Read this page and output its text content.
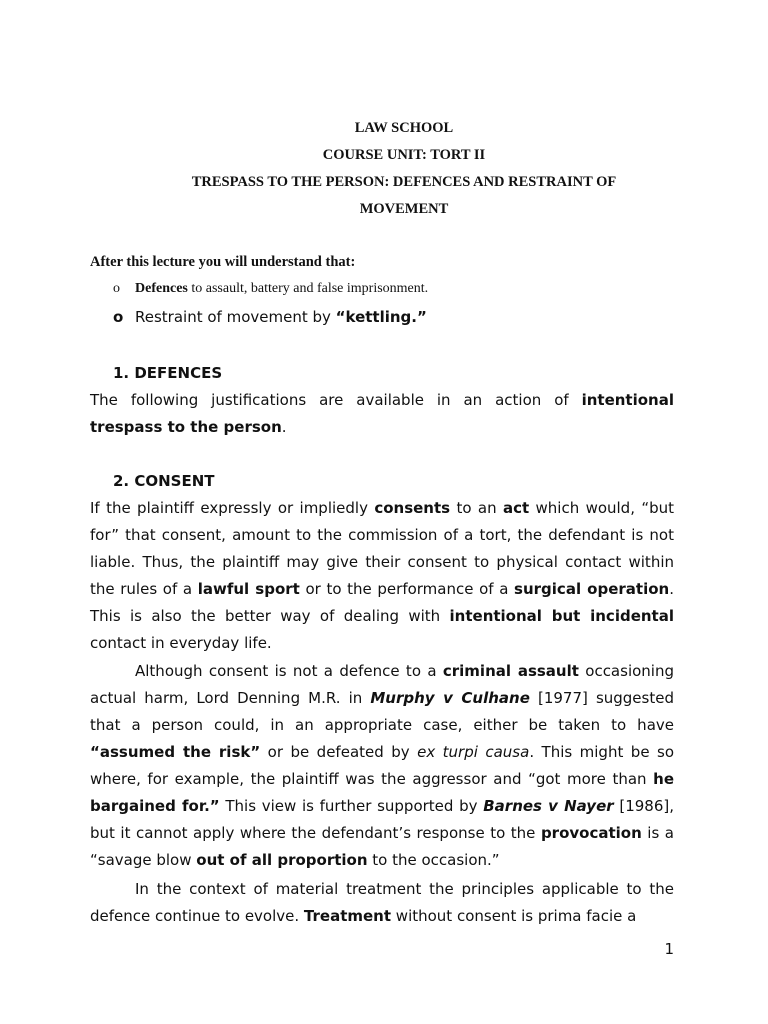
LAW SCHOOL
COURSE UNIT: TORT II
TRESPASS TO THE PERSON: DEFENCES AND RESTRAINT OF
MOVEMENT
After this lecture you will understand that:
o Defences to assault, battery and false imprisonment.
o Restraint of movement by “kettling.”
1. DEFENCES
The following justifications are available in an action of intentional trespass to the person.
2. CONSENT
If the plaintiff expressly or impliedly consents to an act which would, “but for” that consent, amount to the commission of a tort, the defendant is not liable. Thus, the plaintiff may give their consent to physical contact within the rules of a lawful sport or to the performance of a surgical operation. This is also the better way of dealing with intentional but incidental contact in everyday life.
Although consent is not a defence to a criminal assault occasioning actual harm, Lord Denning M.R. in Murphy v Culhane [1977] suggested that a person could, in an appropriate case, either be taken to have “assumed the risk” or be defeated by ex turpi causa. This might be so where, for example, the plaintiff was the aggressor and “got more than he bargained for.” This view is further supported by Barnes v Nayer [1986], but it cannot apply where the defendant’s response to the provocation is a “savage blow out of all proportion to the occasion.”
In the context of material treatment the principles applicable to the defence continue to evolve. Treatment without consent is prima facie a
1
